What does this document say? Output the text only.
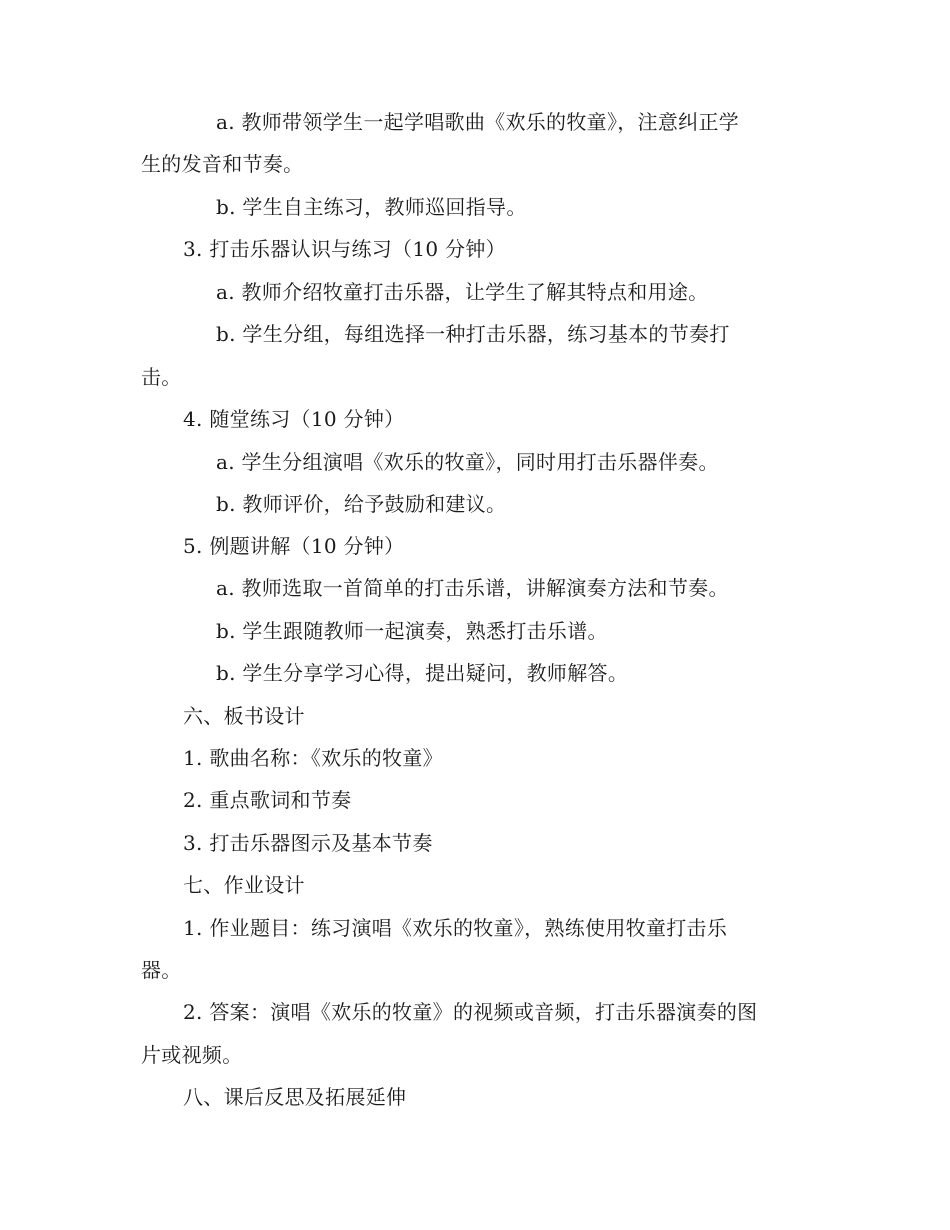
a. 教师带领学生一起学唱歌曲《欢乐的牧童》，注意纠正学
生的发音和节奏。
b. 学生自主练习，教师巡回指导。
3. 打击乐器认识与练习（10 分钟）
a. 教师介绍牧童打击乐器，让学生了解其特点和用途。
b. 学生分组，每组选择一种打击乐器，练习基本的节奏打
击。
4. 随堂练习（10 分钟）
a. 学生分组演唱《欢乐的牧童》，同时用打击乐器伴奏。
b. 教师评价，给予鼓励和建议。
5. 例题讲解（10 分钟）
a. 教师选取一首简单的打击乐谱，讲解演奏方法和节奏。
b. 学生跟随教师一起演奏，熟悉打击乐谱。
b. 学生分享学习心得，提出疑问，教师解答。
六、板书设计
1. 歌曲名称：《欢乐的牧童》
2. 重点歌词和节奏
3. 打击乐器图示及基本节奏
七、作业设计
1. 作业题目：练习演唱《欢乐的牧童》，熟练使用牧童打击乐
器。
2. 答案：演唱《欢乐的牧童》的视频或音频，打击乐器演奏的图
片或视频。
八、课后反思及拓展延伸
